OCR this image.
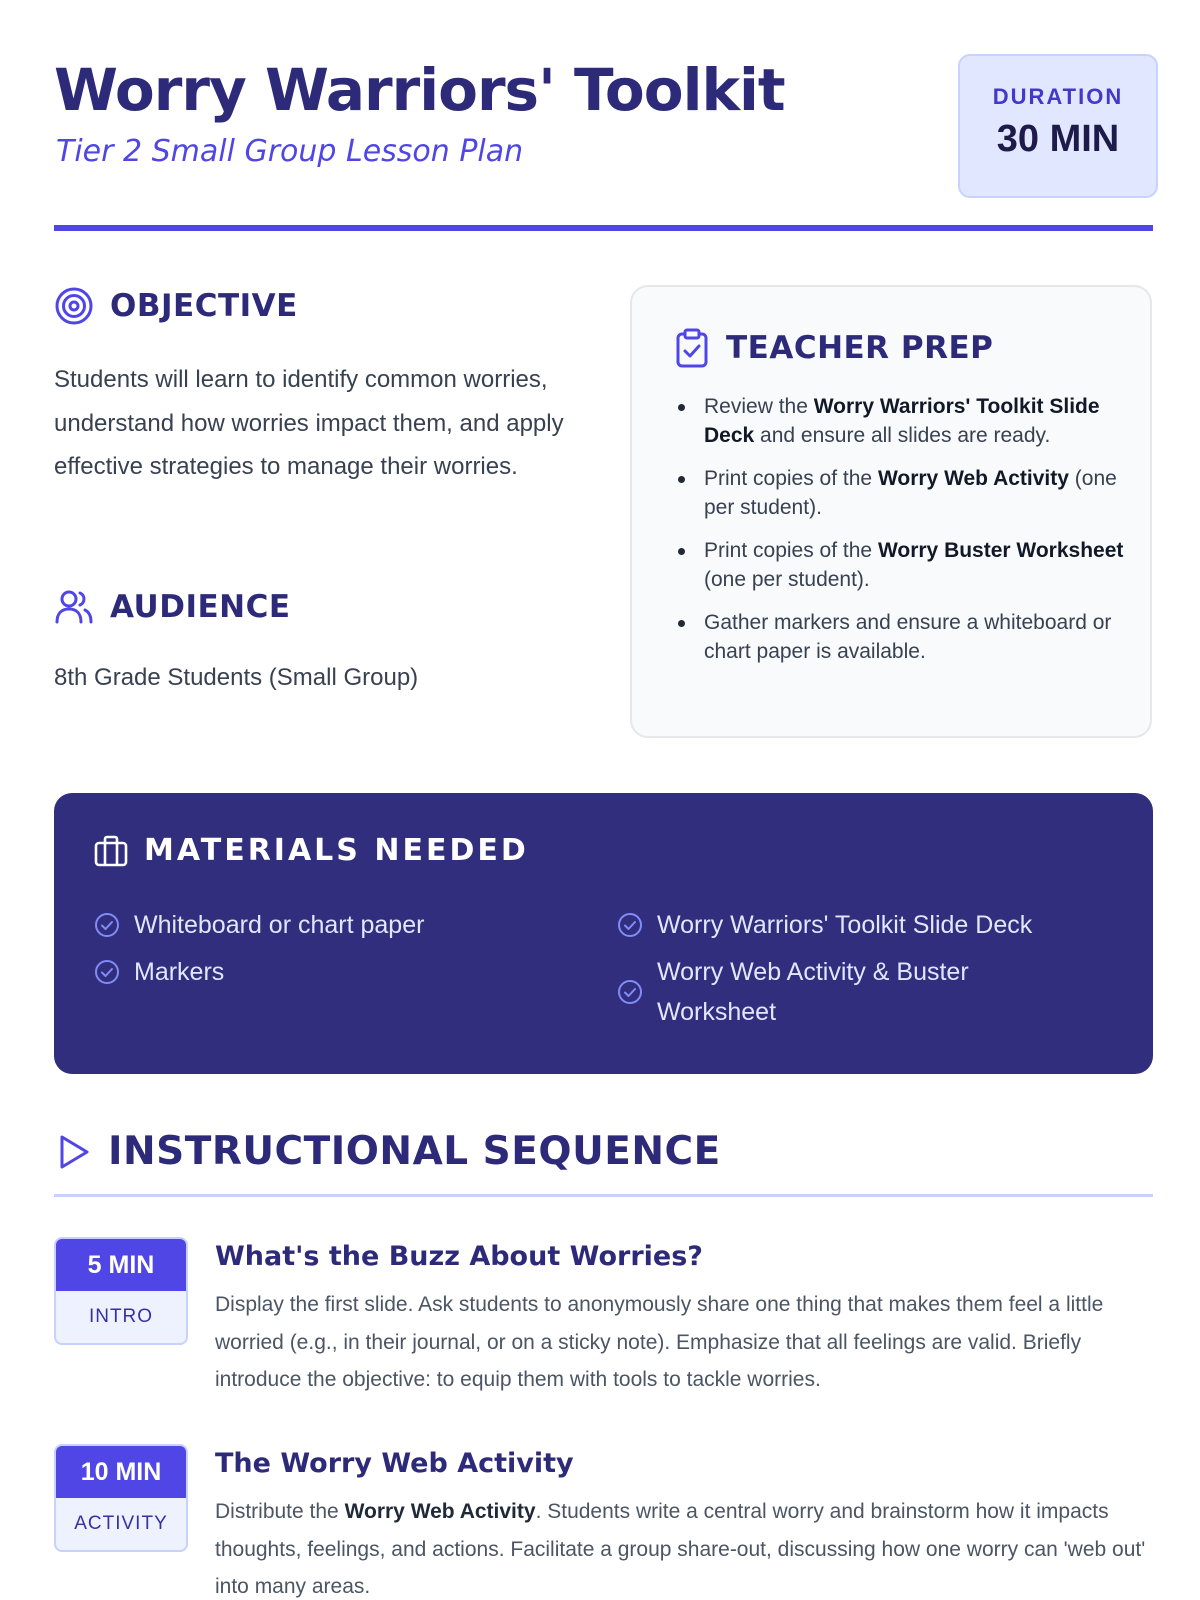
Worry Warriors' Toolkit
Tier 2 Small Group Lesson Plan
DURATION
30 MIN
OBJECTIVE

Students will learn to identify common worries, understand how worries impact them, and apply effective strategies to manage their worries.

AUDIENCE
8th Grade Students (Small Group)
TEACHER PREP
Review the Worry Warriors' Toolkit Slide Deck and ensure all slides are ready.
Print copies of the Worry Web Activity (one per student).
Print copies of the Worry Buster Worksheet (one per student).
Gather markers and ensure a whiteboard or chart paper is available.
MATERIALS NEEDED
Whiteboard or chart paper
Markers
Worry Warriors' Toolkit Slide Deck
Worry Web Activity & Buster Worksheet
INSTRUCTIONAL SEQUENCE
5 MIN
INTRO
What's the Buzz About Worries?

Display the first slide. Ask students to anonymously share one thing that makes them feel a little worried (e.g., in their journal, or on a sticky note). Emphasize that all feelings are valid. Briefly introduce the objective: to equip them with tools to tackle worries.

10 MIN
ACTIVITY
The Worry Web Activity

Distribute the Worry Web Activity. Students write a central worry and brainstorm how it impacts thoughts, feelings, and actions. Facilitate a group share-out, discussing how one worry can 'web out' into many areas.
